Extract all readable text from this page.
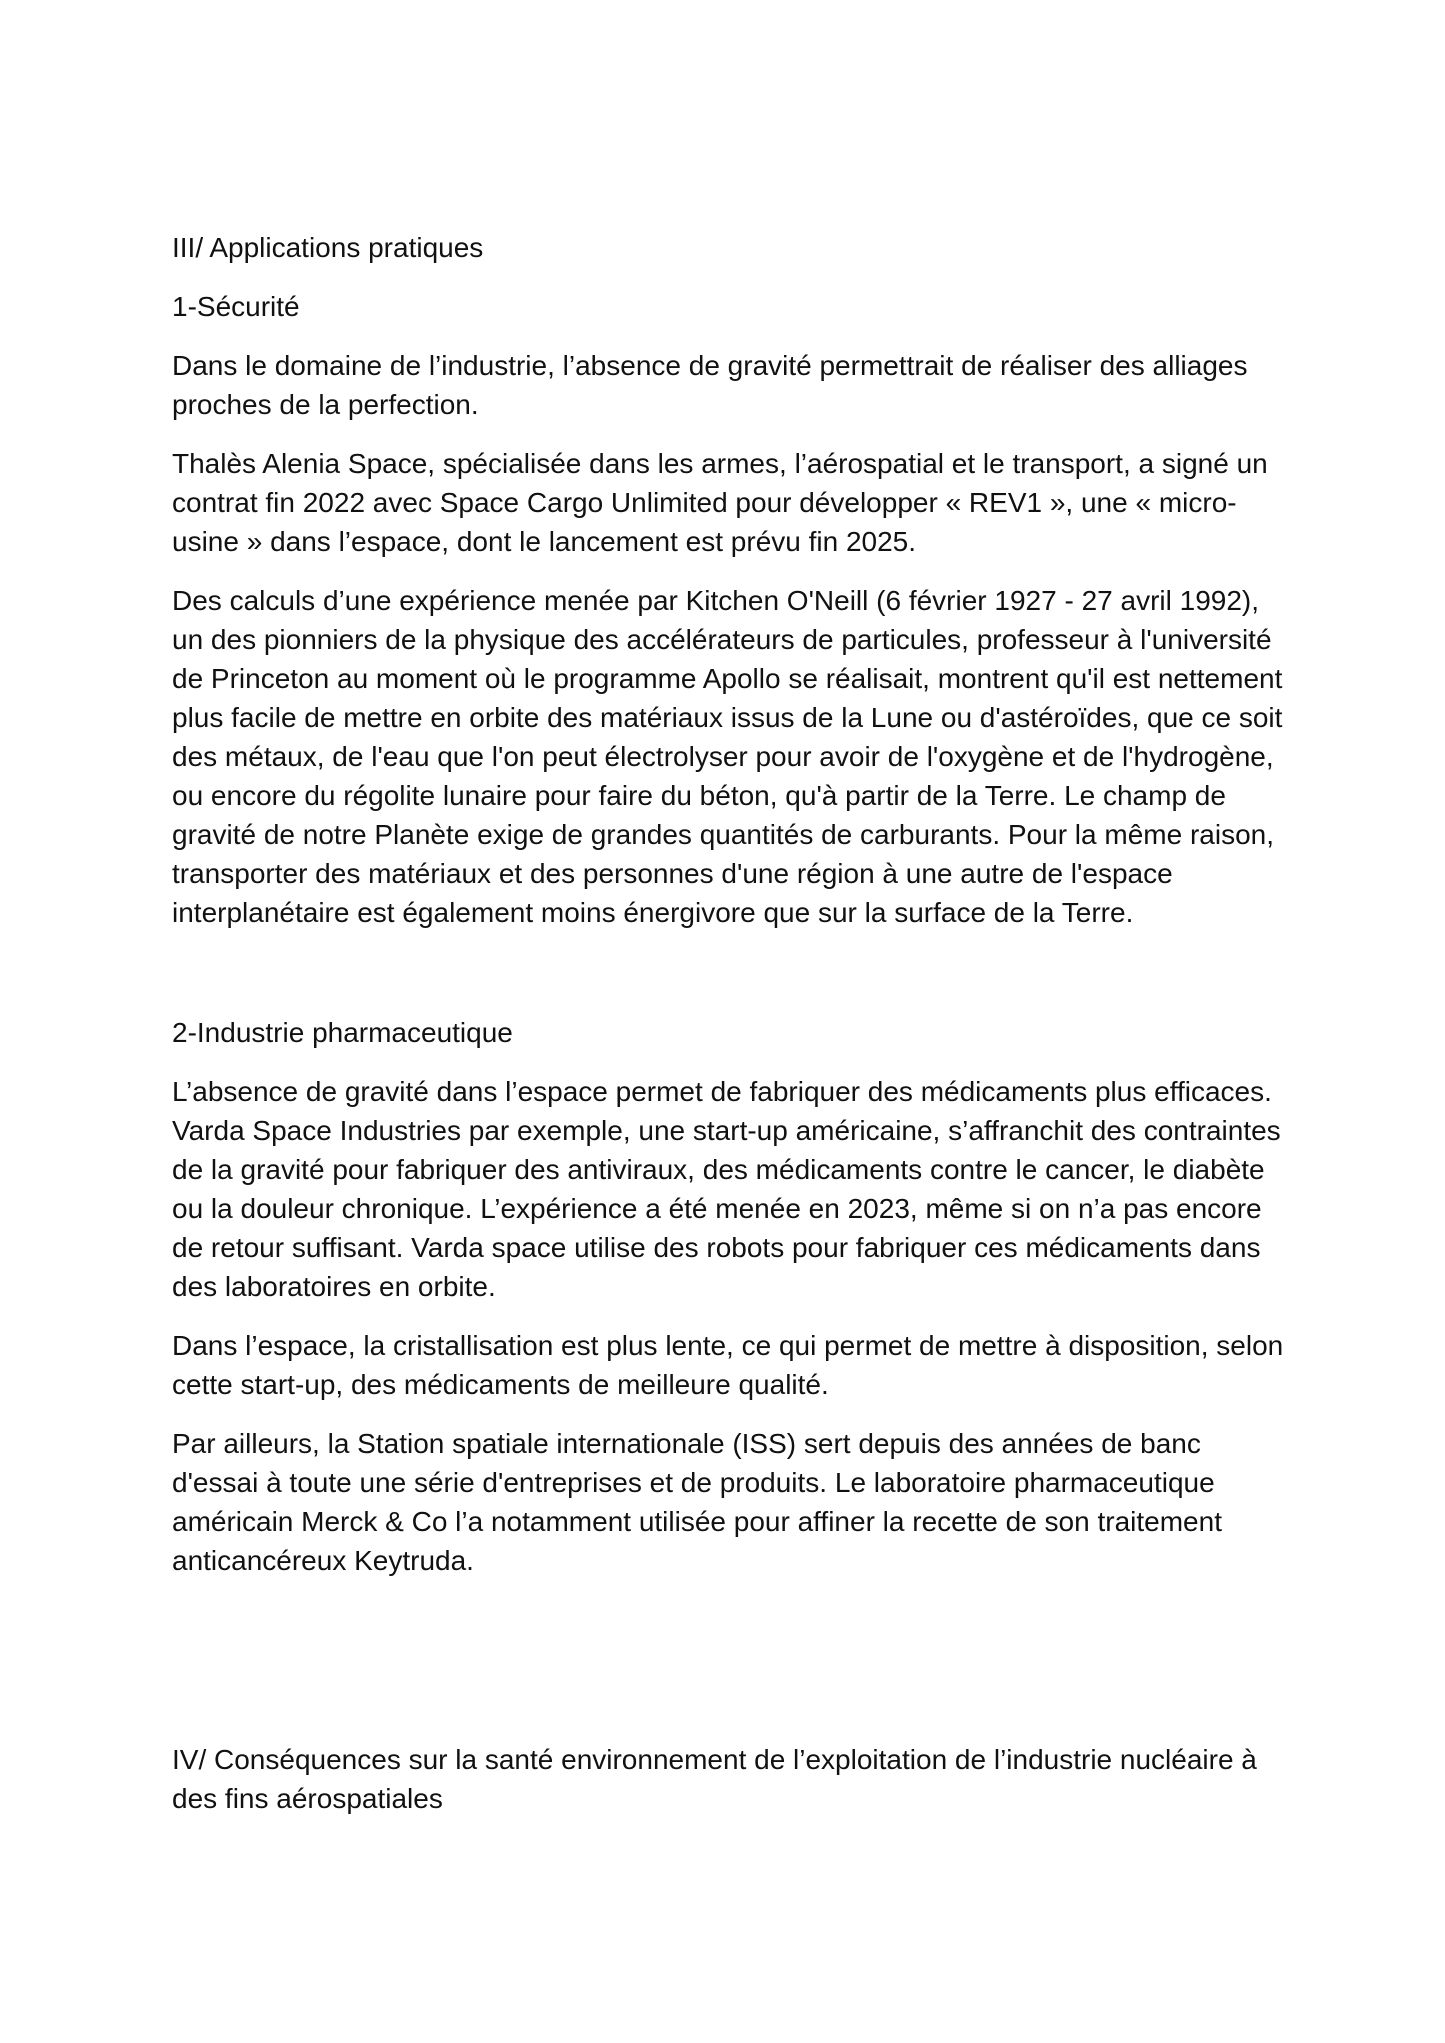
III/ Applications pratiques

1-Sécurité

Dans le domaine de l’industrie, l’absence de gravité permettrait de réaliser des alliages proches de la perfection.

Thalès Alenia Space, spécialisée dans les armes, l’aérospatial et le transport, a signé un contrat fin 2022 avec Space Cargo Unlimited pour développer « REV1 », une « micro-usine » dans l’espace, dont le lancement est prévu fin 2025.

Des calculs d’une expérience menée par Kitchen O'Neill (6 février 1927 - 27 avril 1992), un des pionniers de la physique des accélérateurs de particules, professeur à l'université de Princeton au moment où le programme Apollo se réalisait, montrent qu'il est nettement plus facile de mettre en orbite des matériaux issus de la Lune ou d'astéroïdes, que ce soit des métaux, de l'eau que l'on peut électrolyser pour avoir de l'oxygène et de l'hydrogène, ou encore du régolite lunaire pour faire du béton, qu'à partir de la Terre. Le champ de gravité de notre Planète exige de grandes quantités de carburants. Pour la même raison, transporter des matériaux et des personnes d'une région à une autre de l'espace interplanétaire est également moins énergivore que sur la surface de la Terre.

2-Industrie pharmaceutique

L’absence de gravité dans l’espace permet de fabriquer des médicaments plus efficaces. Varda Space Industries par exemple, une start-up américaine, s’affranchit des contraintes de la gravité pour fabriquer des antiviraux, des médicaments contre le cancer, le diabète ou la douleur chronique. L’expérience a été menée en 2023, même si on n’a pas encore de retour suffisant. Varda space utilise des robots pour fabriquer ces médicaments dans des laboratoires en orbite.

Dans l’espace, la cristallisation est plus lente, ce qui permet de mettre à disposition, selon cette start-up, des médicaments de meilleure qualité.

Par ailleurs, la Station spatiale internationale (ISS) sert depuis des années de banc d'essai à toute une série d'entreprises et de produits. Le laboratoire pharmaceutique américain Merck & Co l’a notamment utilisée pour affiner la recette de son traitement anticancéreux Keytruda.

IV/ Conséquences sur la santé environnement de l’exploitation de l’industrie nucléaire à des fins aérospatiales
